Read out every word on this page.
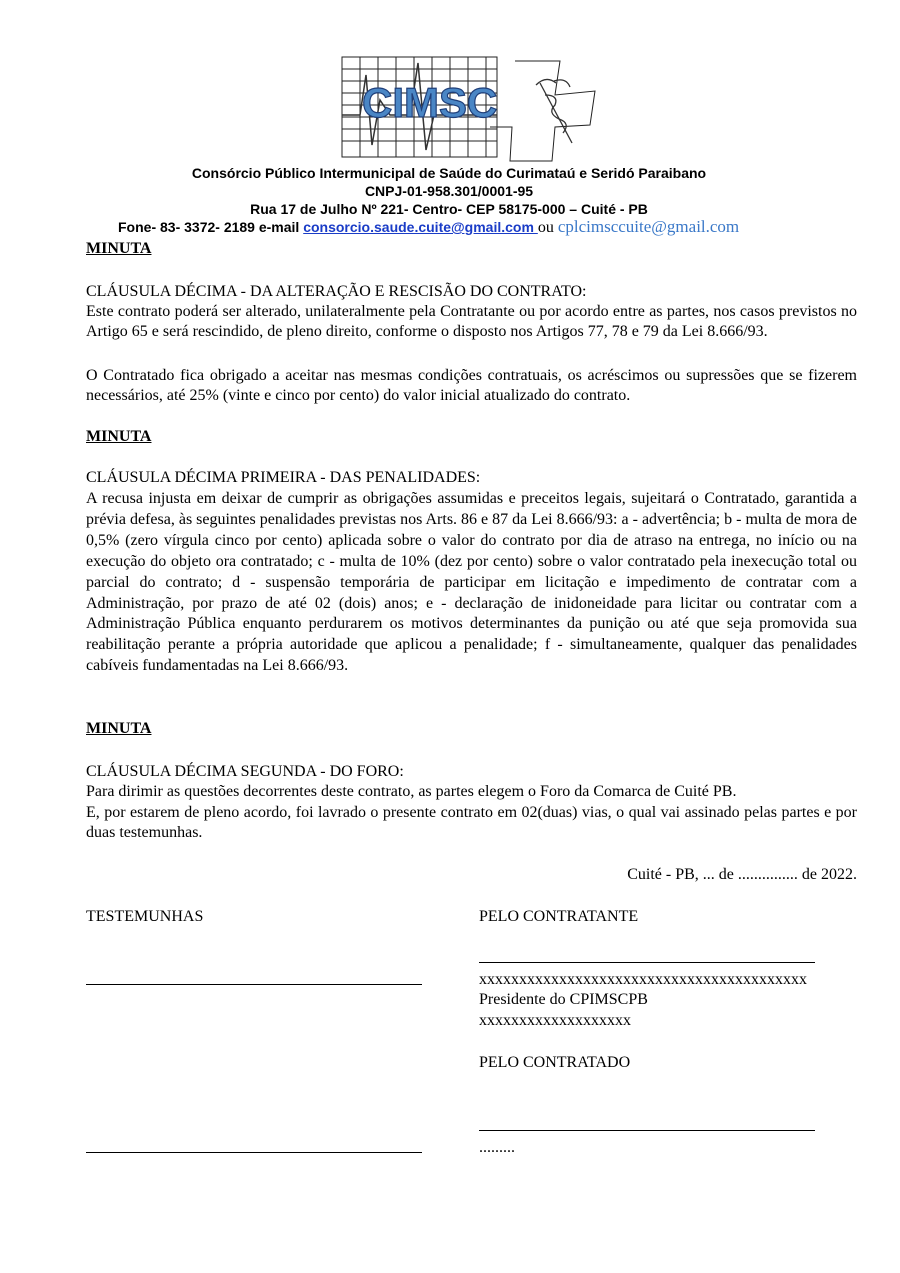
CIMSC
Consórcio Público Intermunicipal de Saúde do Curimataú e Seridó Paraibano
CNPJ-01-958.301/0001-95
Rua 17 de Julho Nº 221- Centro- CEP 58175-000 – Cuité - PB
Fone- 83- 3372- 2189 e-mail consorcio.saude.cuite@gmail.com ou cplcimsccuite@gmail.com
MINUTA
CLÁUSULA DÉCIMA - DA ALTERAÇÃO E RESCISÃO DO CONTRATO:
Este contrato poderá ser alterado, unilateralmente pela Contratante ou por acordo entre as partes, nos casos previstos no Artigo 65 e será rescindido, de pleno direito, conforme o disposto nos Artigos 77, 78 e 79 da Lei 8.666/93.
O Contratado fica obrigado a aceitar nas mesmas condições contratuais, os acréscimos ou supressões que se fizerem necessários, até 25% (vinte e cinco por cento) do valor inicial atualizado do contrato.
MINUTA
CLÁUSULA DÉCIMA PRIMEIRA - DAS PENALIDADES:
A recusa injusta em deixar de cumprir as obrigações assumidas e preceitos legais, sujeitará o Contratado, garantida a prévia defesa, às seguintes penalidades previstas nos Arts. 86 e 87 da Lei 8.666/93: a - advertência; b - multa de mora de 0,5% (zero vírgula cinco por cento) aplicada sobre o valor do contrato por dia de atraso na entrega, no início ou na execução do objeto ora contratado; c - multa de 10% (dez por cento) sobre o valor contratado pela inexecução total ou parcial do contrato; d - suspensão temporária de participar em licitação e impedimento de contratar com a Administração, por prazo de até 02 (dois) anos; e - declaração de inidoneidade para licitar ou contratar com a Administração Pública enquanto perdurarem os motivos determinantes da punição ou até que seja promovida sua reabilitação perante a própria autoridade que aplicou a penalidade; f - simultaneamente, qualquer das penalidades cabíveis fundamentadas na Lei 8.666/93.
MINUTA
CLÁUSULA DÉCIMA SEGUNDA - DO FORO:
Para dirimir as questões decorrentes deste contrato, as partes elegem o Foro da Comarca de Cuité PB.
E, por estarem de pleno acordo, foi lavrado o presente contrato em 02(duas) vias, o qual vai assinado pelas partes e por duas testemunhas.
Cuité - PB, ... de ............... de 2022.
TESTEMUNHAS	PELO CONTRATANTE
xxxxxxxxxxxxxxxxxxxxxxxxxxxxxxxxxxxxxxxxx
Presidente do CPIMSCPB
xxxxxxxxxxxxxxxxxxx
PELO CONTRATADO
.........
